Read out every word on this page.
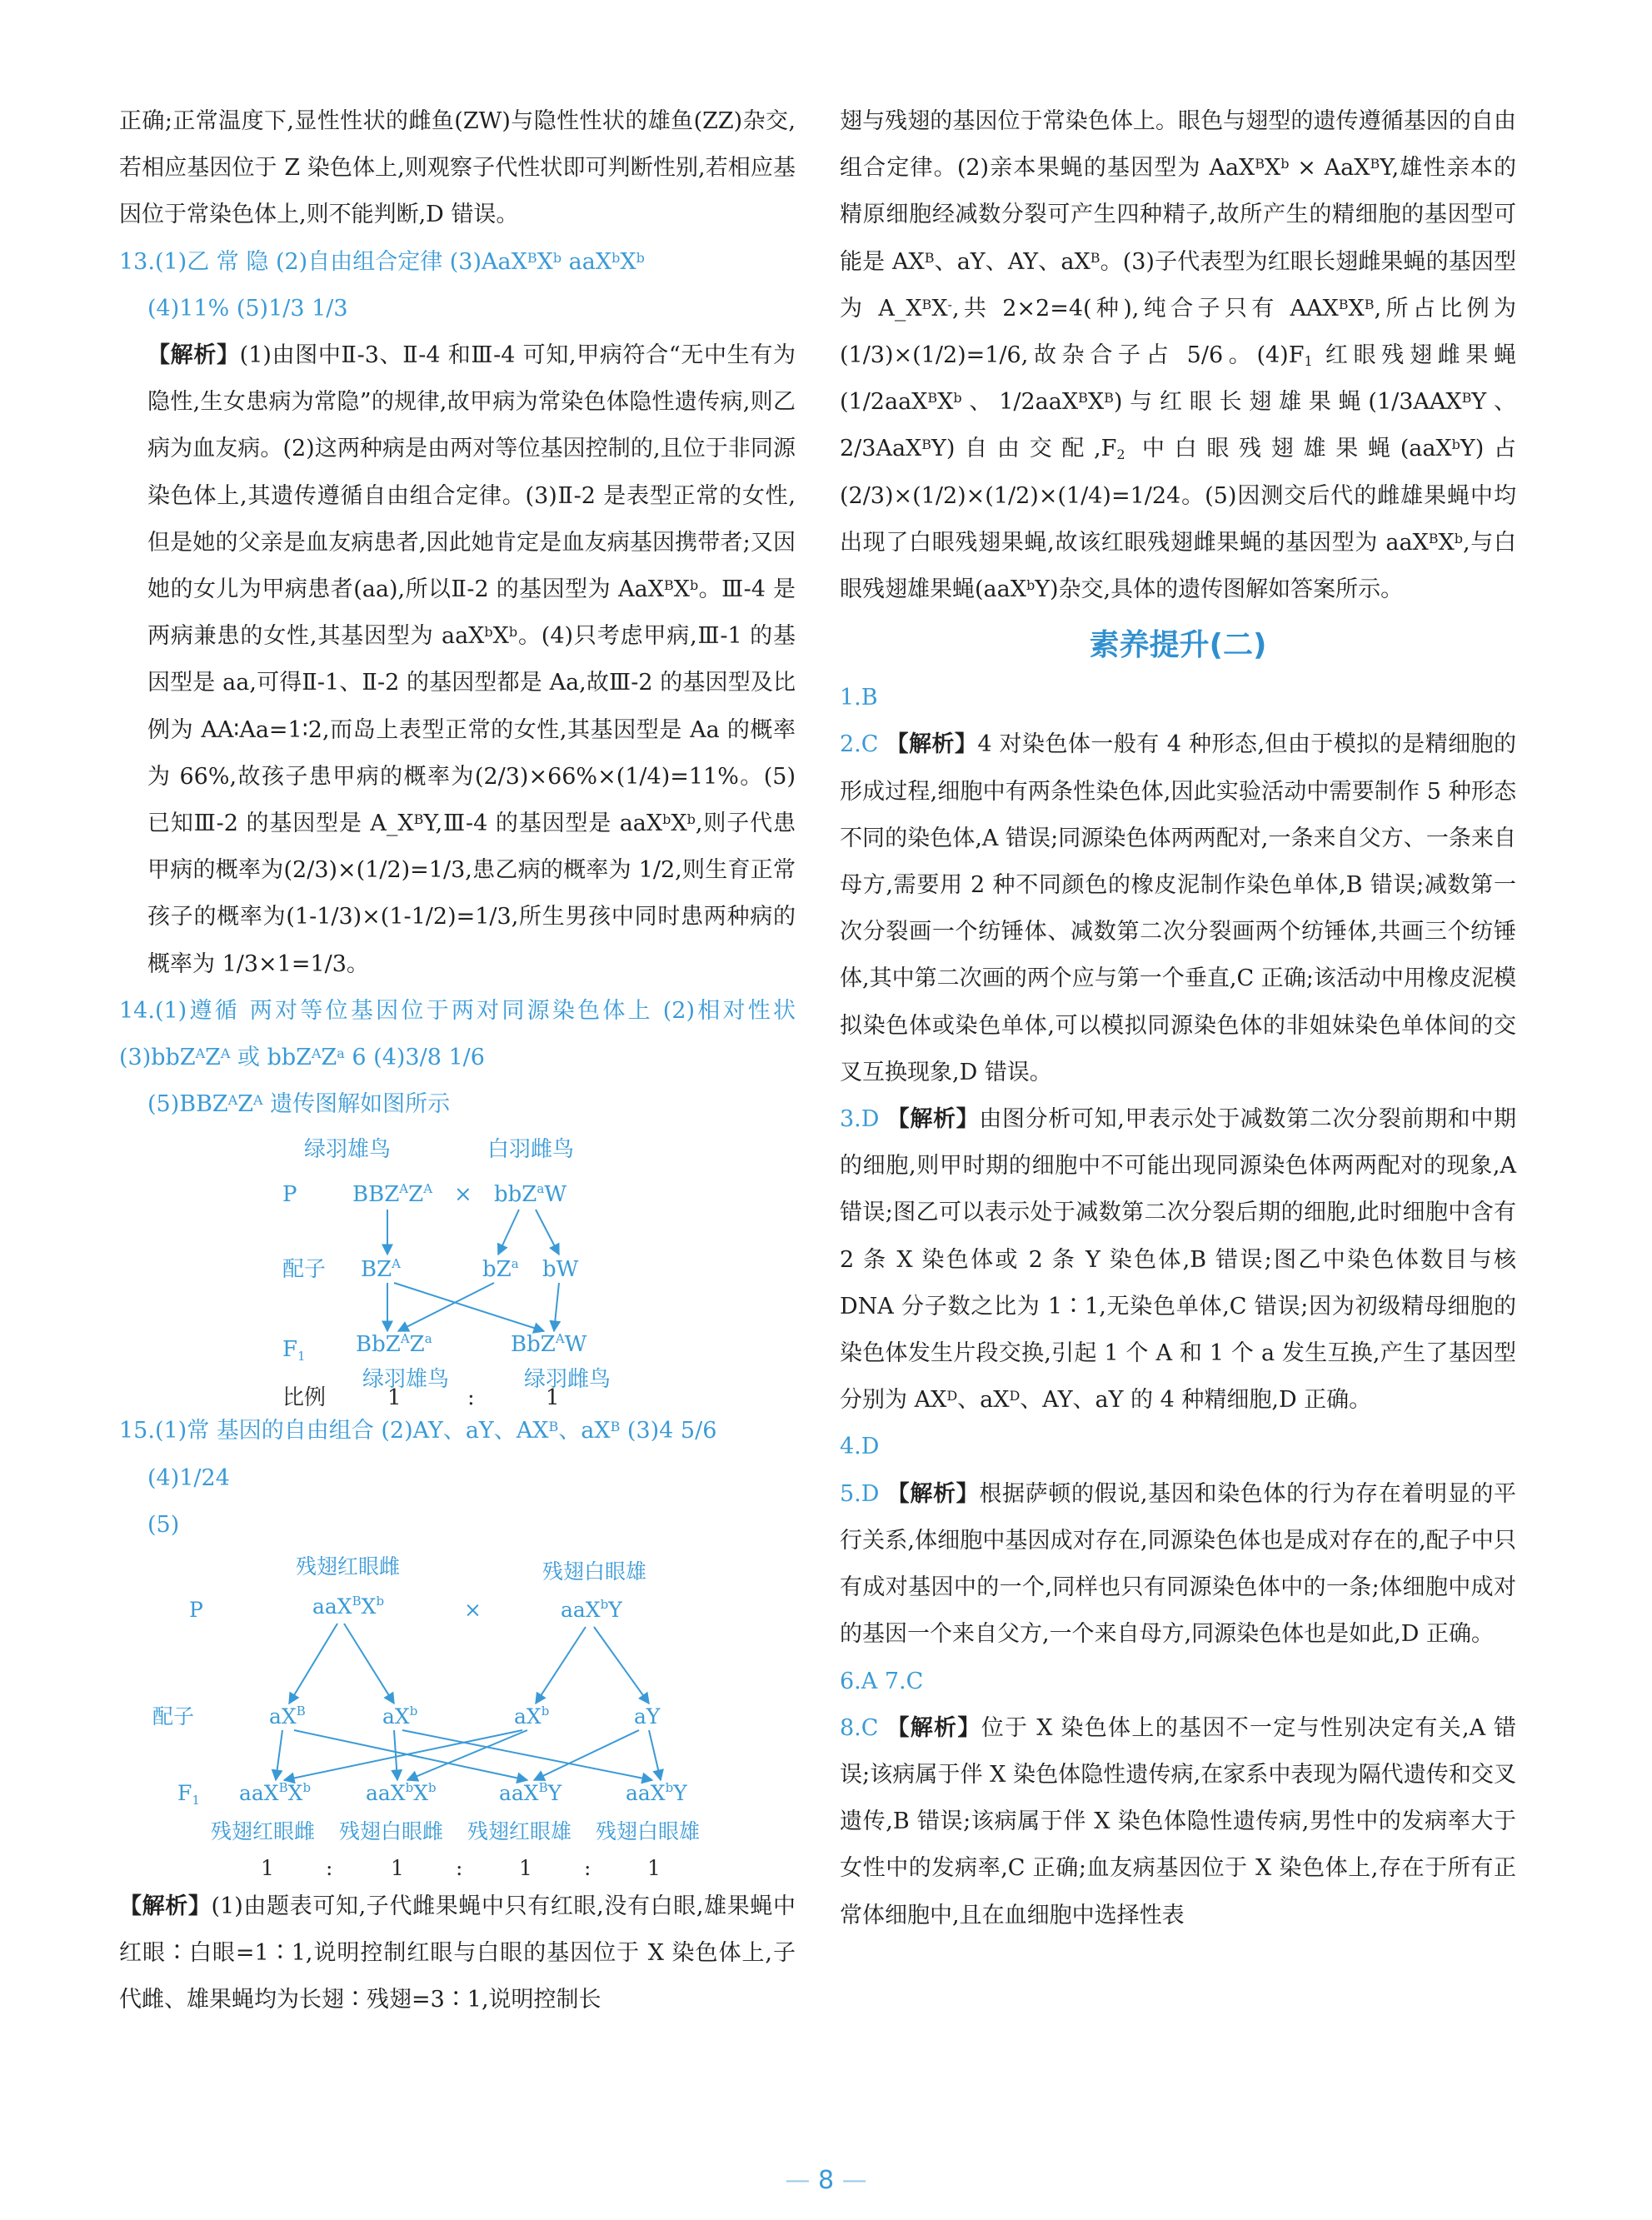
正确;正常温度下,显性性状的雌鱼(ZW)与隐性性状的雄鱼(ZZ)杂交,若相应基因位于 Z 染色体上,则观察子代性状即可判断性别,若相应基因位于常染色体上,则不能判断,D 错误。

13.(1)乙 常 隐 (2)自由组合定律 $(3)AaX^BX^b$ $aaX^bX^b$

(4)11% (5)1/3 1/3

【解析】(1)由图中Ⅱ-3、Ⅱ-4 和Ⅲ-4 可知,甲病符合“无中生有为隐性,生女患病为常隐”的规律,故甲病为常染色体隐性遗传病,则乙病为血友病。(2)这两种病是由两对等位基因控制的,且位于非同源染色体上,其遗传遵循自由组合定律。(3)Ⅱ-2 是表型正常的女性,但是她的父亲是血友病患者,因此她肯定是血友病基因携带者;又因她的女儿为甲病患者(aa),所以Ⅱ-2 的基因型为 $AaX^BX^b$。Ⅲ-4 是两病兼患的女性,其基因型为 $aaX^bX^b$。(4)只考虑甲病,Ⅲ-1 的基因型是 aa,可得Ⅱ-1、Ⅱ-2 的基因型都是 Aa,故Ⅲ-2 的基因型及比例为 AA∶Aa=1∶2,而岛上表型正常的女性,其基因型是 Aa 的概率为 66%,故孩子患甲病的概率为(2/3)×66%×(1/4)=11%。(5)已知Ⅲ-2 的基因型是 $A\_X^BY,Ⅲ-4$ 的基因型是 $aaX^bX^b$,则子代患甲病的概率为(2/3)×(1/2)=1/3,患乙病的概率为 1/2,则生育正常孩子的概率为(1-1/3)×(1-1/2)=1/3,所生男孩中同时患两种病的概率为 1/3×1=1/3。

14.(1)遵循 两对等位基因位于两对同源染色体上 (2)相对性状 $(3)bbZ^AZ^A$ 或 $bbZ^AZ^a$ 6 (4)3/8 1/6

$(5)BBZ^AZ^A$ 遗传图解如图所示

绿羽雄鸟	白羽雌鸟
P	$BBZ^AZ^A \times bbZ^aW$
配子 $BZ^A$	$bZ^a$ bW
F1 $BbZ^AZ^a$	BbZ$^A$W
绿羽雄鸟	绿羽雌鸟
比例	1	:	1

15.(1)常 基因的自由组合 (2)AY、aY、$AX^B$、$aX^B$ (3)4 5/6

(4)1/24

(5)

残翅红眼雌	残翅白眼雄
P	$aaX^BX^b$	×	aaX$^b$Y
配子	$aX^B$	$aX^b$	$aX^b$	aY
$F_1$ $aaX^BX^b$	$aaX^bX^b$	aaX$^B$Y	aaX$^b$Y
残翅红眼雌 残翅白眼雌 残翅红眼雄 残翅白眼雄
1 :	1 :	1 :	1

【解析】(1)由题表可知,子代雌果蝇中只有红眼,没有白眼,雄果蝇中红眼∶白眼=1∶1,说明控制红眼与白眼的基因位于 X 染色体上,子代雌、雄果蝇均为长翅∶残翅=3∶1,说明控制长

翅与残翅的基因位于常染色体上。眼色与翅型的遗传遵循基因的自由组合定律。(2)亲本果蝇的基因型为 $AaX^BX^b \times AaX^BY$,雄性亲本的精原细胞经减数分裂可产生四种精子,故所产生的精细胞的基因型可能是 $AX^B$、aY、AY、$aX^B$。(3)子代表型为红眼长翅雌果蝇的基因型为 $A\_X^BX^-$,共 2×2=4(种),纯合子只有 $AAX^BX^B$,所占比例为(1/3)×(1/2)=1/6,故杂合子占 5/6。$(4)F_1$ 红眼残翅雌果蝇($1/2aaX^BX^b$、$1/2aaX^BX^B$)与红眼长翅雄果蝇($1/3AAX^BY$、2/3AaX$^B$Y)自由交配$,F_2$ 中白眼残翅雄果蝇(aaX$^b$Y)占(2/3)×(1/2)×(1/2)×(1/4)=1/24。(5)因测交后代的雌雄果蝇中均出现了白眼残翅果蝇,故该红眼残翅雌果蝇的基因型为 $aaX^BX^b$,与白眼残翅雄果蝇(aaX$^b$Y)杂交,具体的遗传图解如答案所示。

素养提升(二)

1.B

2.C 【解析】4 对染色体一般有 4 种形态,但由于模拟的是精细胞的形成过程,细胞中有两条性染色体,因此实验活动中需要制作 5 种形态不同的染色体,A 错误;同源染色体两两配对,一条来自父方、一条来自母方,需要用 2 种不同颜色的橡皮泥制作染色单体,B 错误;减数第一次分裂画一个纺锤体、减数第二次分裂画两个纺锤体,共画三个纺锤体,其中第二次画的两个应与第一个垂直,C 正确;该活动中用橡皮泥模拟染色体或染色单体,可以模拟同源染色体的非姐妹染色单体间的交叉互换现象,D 错误。

3.D 【解析】由图分析可知,甲表示处于减数第二次分裂前期和中期的细胞,则甲时期的细胞中不可能出现同源染色体两两配对的现象,A 错误;图乙可以表示处于减数第二次分裂后期的细胞,此时细胞中含有 2 条 X 染色体或 2 条 Y 染色体,B 错误;图乙中染色体数目与核 DNA 分子数之比为 1∶1,无染色单体,C 错误;因为初级精母细胞的染色体发生片段交换,引起 1 个 A 和 1 个 a 发生互换,产生了基因型分别为 $AX^D$、$aX^D$、AY、aY 的 4 种精细胞,D 正确。

4.D

5.D 【解析】根据萨顿的假说,基因和染色体的行为存在着明显的平行关系,体细胞中基因成对存在,同源染色体也是成对存在的,配子中只有成对基因中的一个,同样也只有同源染色体中的一条;体细胞中成对的基因一个来自父方,一个来自母方,同源染色体也是如此,D 正确。

6.A 7.C

8.C 【解析】位于 X 染色体上的基因不一定与性别决定有关,A 错误;该病属于伴 X 染色体隐性遗传病,在家系中表现为隔代遗传和交叉遗传,B 错误;该病属于伴 X 染色体隐性遗传病,男性中的发病率大于女性中的发病率,C 正确;血友病基因位于 X 染色体上,存在于所有正常体细胞中,且在血细胞中选择性表

— 8 —
